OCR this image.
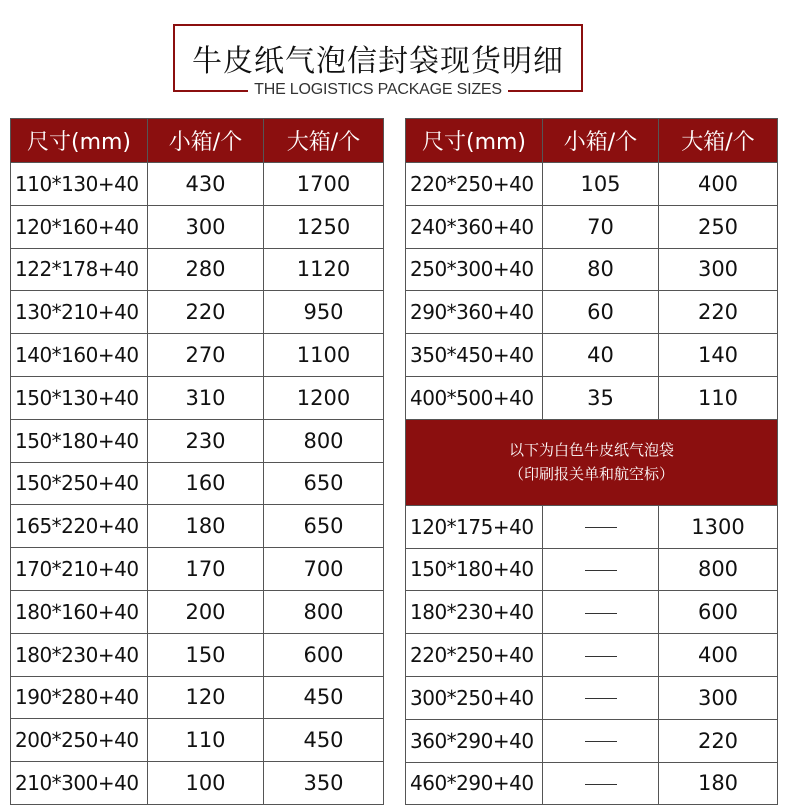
牛皮纸气泡信封袋现货明细
THE LOGISTICS PACKAGE SIZES
尺寸(mm)	小箱/个	大箱/个
110*130+40	430	1700
120*160+40	300	1250
122*178+40	280	1120
130*210+40	220	950
140*160+40	270	1100
150*130+40	310	1200
150*180+40	230	800
150*250+40	160	650
165*220+40	180	650
170*210+40	170	700
180*160+40	200	800
180*230+40	150	600
190*280+40	120	450
200*250+40	110	450
210*300+40	100	350
尺寸(mm)	小箱/个	大箱/个
220*250+40	105	400
240*360+40	70	250
250*300+40	80	300
290*360+40	60	220
350*450+40	40	140
400*500+40	35	110

以下为白色牛皮纸气泡袋
（印刷报关单和航空标）		

120*175+40		1300
150*180+40		800
180*230+40		600
220*250+40		400
300*250+40		300
360*290+40		220
460*290+40		180
